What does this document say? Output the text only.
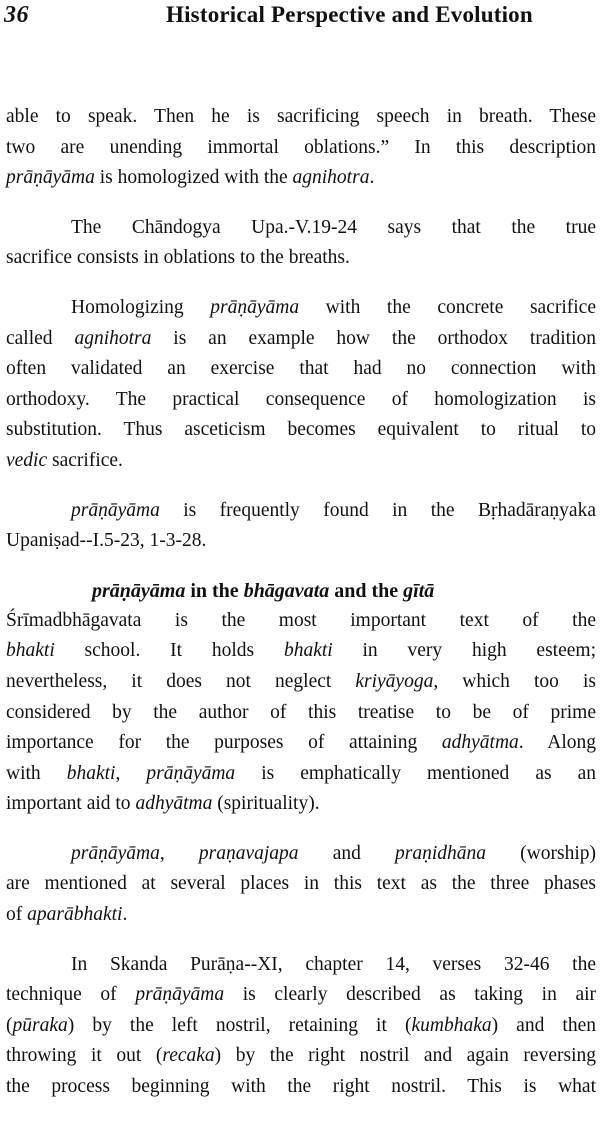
36	Historical Perspective and Evolution
able to speak. Then he is sacrificing speech in breath. These
two are unending immortal oblations.” In this description
prāṇāyāma is homologized with the agnihotra.
The Chāndogya Upa.-V.19-24 says that the true
sacrifice consists in oblations to the breaths.
Homologizing prāṇāyāma with the concrete sacrifice
called agnihotra is an example how the orthodox tradition
often validated an exercise that had no connection with
orthodoxy. The practical consequence of homologization is
substitution. Thus asceticism becomes equivalent to ritual to
vedic sacrifice.
prāṇāyāma is frequently found in the Bṛhadāraṇyaka
Upaniṣad--I.5-23, 1-3-28.
prāṇāyāma in the bhāgavata and the gītā
Śrīmadbhāgavata is the most important text of the
bhakti school. It holds bhakti in very high esteem;
nevertheless, it does not neglect kriyāyoga, which too is
considered by the author of this treatise to be of prime
importance for the purposes of attaining adhyātma. Along
with bhakti, prāṇāyāma is emphatically mentioned as an
important aid to adhyātma (spirituality).
prāṇāyāma, praṇavajapa and praṇidhāna (worship)
are mentioned at several places in this text as the three phases
of aparābhakti.
In Skanda Purāṇa--XI, chapter 14, verses 32-46 the
technique of prāṇāyāma is clearly described as taking in air
(pūraka) by the left nostril, retaining it (kumbhaka) and then
throwing it out (recaka) by the right nostril and again reversing
the process beginning with the right nostril. This is what
